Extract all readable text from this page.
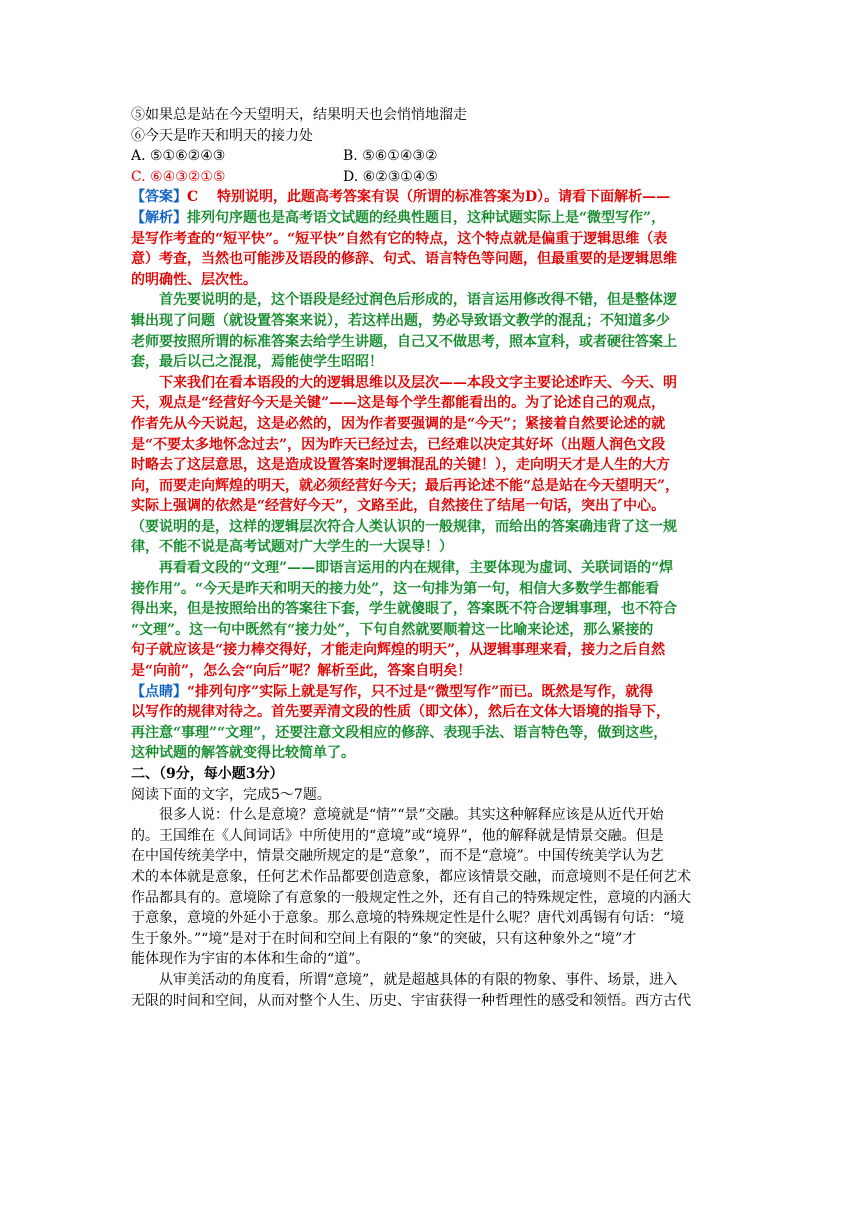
⑤如果总是站在今天望明天，结果明天也会悄悄地溜走

⑥今天是昨天和明天的接力处

A. ⑤①⑥②④③	B. ⑤⑥①④③②
C. ⑥④③②①⑤	D. ⑥②③①④⑤

【答案】C　 特别说明，此题高考答案有误（所谓的标准答案为D）。请看下面解析——

【解析】排列句序题也是高考语文试题的经典性题目，这种试题实际上是“微型写作”，

是写作考查的“短平快”。“短平快”自然有它的特点，这个特点就是偏重于逻辑思维（表

意）考查，当然也可能涉及语段的修辞、句式、语言特色等问题，但最重要的是逻辑思维

的明确性、层次性。

首先要说明的是，这个语段是经过润色后形成的，语言运用修改得不错，但是整体逻

辑出现了问题（就设置答案来说），若这样出题，势必导致语文教学的混乱；不知道多少

老师要按照所谓的标准答案去给学生讲题，自己又不做思考，照本宣科，或者硬往答案上

套，最后以己之混混，焉能使学生昭昭！

下来我们在看本语段的大的逻辑思维以及层次——本段文字主要论述昨天、今天、明

天，观点是“经营好今天是关键”——这是每个学生都能看出的。为了论述自己的观点，

作者先从今天说起，这是必然的，因为作者要强调的是“今天”；紧接着自然要论述的就

是“不要太多地怀念过去”，因为昨天已经过去，已经难以决定其好坏（出题人润色文段

时略去了这层意思，这是造成设置答案时逻辑混乱的关键！），走向明天才是人生的大方

向，而要走向辉煌的明天，就必须经营好今天；最后再论述不能“总是站在今天望明天”，

实际上强调的依然是“经营好今天”，文路至此，自然接住了结尾一句话，突出了中心。

（要说明的是，这样的逻辑层次符合人类认识的一般规律，而给出的答案确违背了这一规

律，不能不说是高考试题对广大学生的一大误导！）

再看看文段的“文理”——即语言运用的内在规律，主要体现为虚词、关联词语的“焊

接作用”。“今天是昨天和明天的接力处”，这一句排为第一句，相信大多数学生都能看

得出来，但是按照给出的答案往下套，学生就傻眼了，答案既不符合逻辑事理，也不符合

“文理”。这一句中既然有“接力处”，下句自然就要顺着这一比喻来论述，那么紧接的

句子就应该是“接力棒交得好，才能走向辉煌的明天”，从逻辑事理来看，接力之后自然

是“向前”，怎么会“向后”呢？解析至此，答案自明矣！

【点睛】“排列句序”实际上就是写作，只不过是“微型写作”而已。既然是写作，就得

以写作的规律对待之。首先要弄清文段的性质（即文体），然后在文体大语境的指导下，

再注意“事理”“文理”，还要注意文段相应的修辞、表现手法、语言特色等，做到这些，

这种试题的解答就变得比较简单了。

二、（9分，每小题3分）

阅读下面的文字，完成5～7题。

很多人说：什么是意境？意境就是“情”“景”交融。其实这种解释应该是从近代开始

的。王国维在《人间词话》中所使用的“意境”或“境界”，他的解释就是情景交融。但是

在中国传统美学中，情景交融所规定的是“意象”，而不是“意境”。中国传统美学认为艺

术的本体就是意象，任何艺术作品都要创造意象，都应该情景交融，而意境则不是任何艺术

作品都具有的。意境除了有意象的一般规定性之外，还有自己的特殊规定性，意境的内涵大

于意象，意境的外延小于意象。那么意境的特殊规定性是什么呢？唐代刘禹锡有句话：“境

生于象外。”“境”是对于在时间和空间上有限的“象”的突破，只有这种象外之“境”才

能体现作为宇宙的本体和生命的“道”。

从审美活动的角度看，所谓“意境”，就是超越具体的有限的物象、事件、场景，进入

无限的时间和空间，从而对整个人生、历史、宇宙获得一种哲理性的感受和领悟。西方古代
